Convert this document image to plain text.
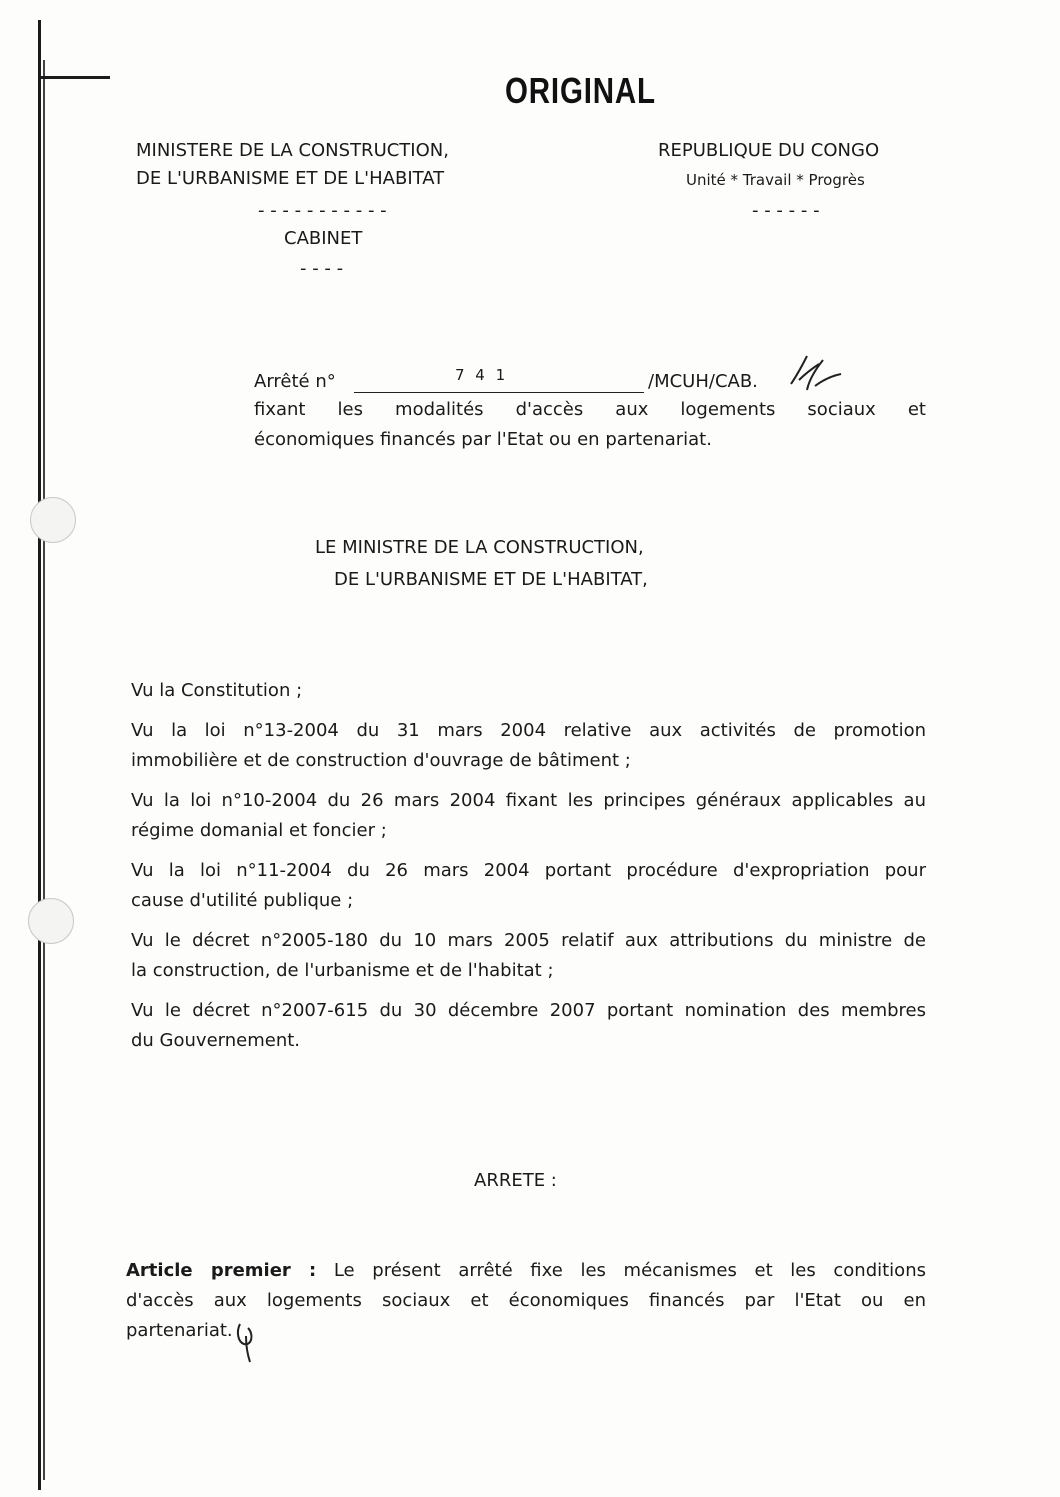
ORIGINAL
MINISTERE DE LA CONSTRUCTION,
DE L'URBANISME ET DE L'HABITAT
- - - - - - - - - - -
CABINET
- - - -
REPUBLIQUE DU CONGO
Unité * Travail * Progrès
- - - - - -
Arrêté n°	7 4 1	/MCUH/CAB.
fixant les modalités d'accès aux logements sociaux et
économiques financés par l'Etat ou en partenariat.
LE MINISTRE DE LA CONSTRUCTION,
DE L'URBANISME ET DE L'HABITAT,
Vu la Constitution ;
Vu la loi n°13-2004 du 31 mars 2004 relative aux activités de promotion
immobilière et de construction d'ouvrage de bâtiment ;
Vu la loi n°10-2004 du 26 mars 2004 fixant les principes généraux applicables au
régime domanial et foncier ;
Vu la loi n°11-2004 du 26 mars 2004 portant procédure d'expropriation pour
cause d'utilité publique ;
Vu le décret n°2005-180 du 10 mars 2005 relatif aux attributions du ministre de
la construction, de l'urbanisme et de l'habitat ;
Vu le décret n°2007-615 du 30 décembre 2007 portant nomination des membres
du Gouvernement.
ARRETE :
Article premier : Le présent arrêté fixe les mécanismes et les conditions
d'accès aux logements sociaux et économiques financés par l'Etat ou en
partenariat.
